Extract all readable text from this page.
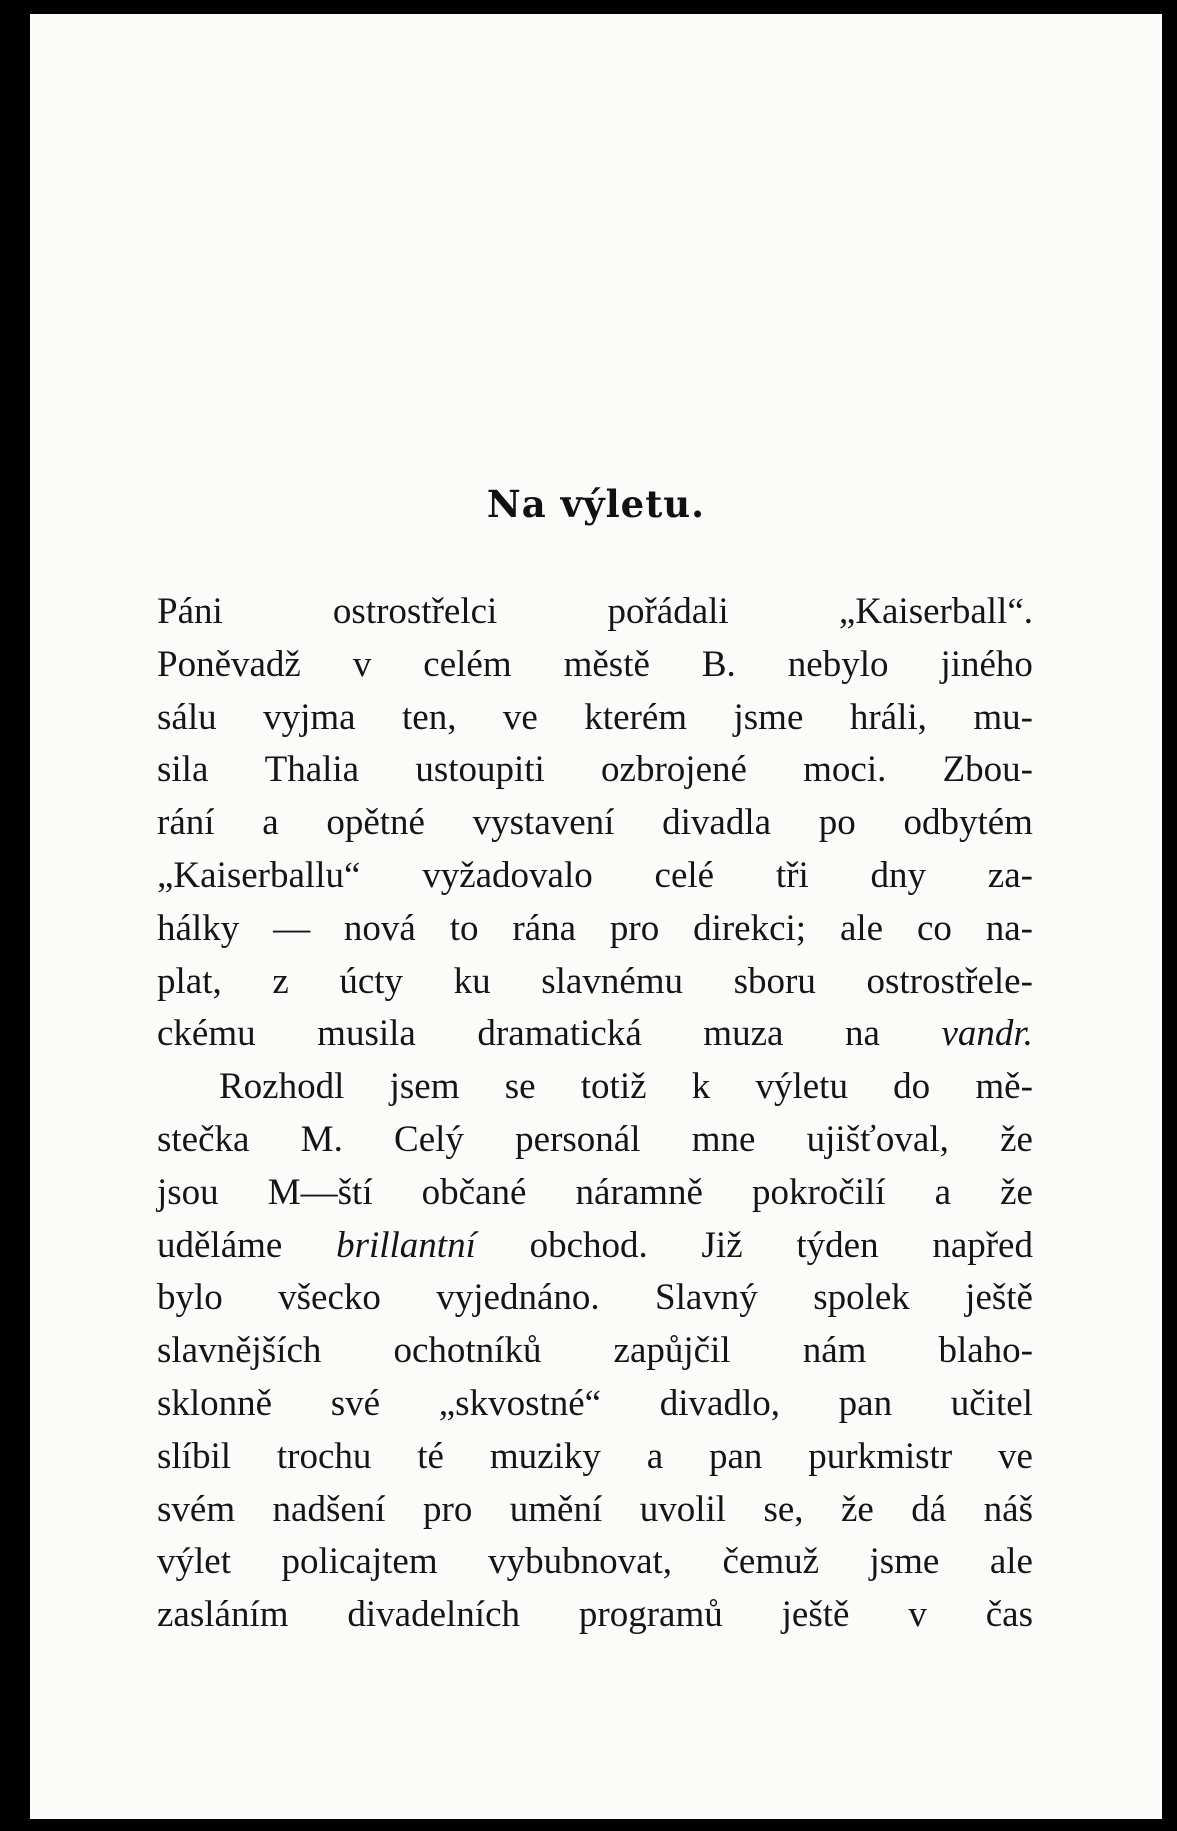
Na výletu.
Páni	ostrostřelci	pořádali	„Kaiserball“.
Poněvadž v celém městě B. nebylo jiného
sálu vyjma ten, ve kterém jsme hráli, mu-
sila Thalia ustoupiti ozbrojené moci. Zbou-
rání a opětné vystavení divadla po odbytém
„Kaiserballu“ vyžadovalo celé tři dny za-
hálky — nová to rána pro direkci; ale co na-
plat, z úcty ku slavnému sboru ostrostřele-
ckému musila dramatická muza na vandr.
Rozhodl jsem se totiž k výletu do mě-
stečka M. Celý personál mne ujišťoval, že
jsou M—ští občané náramně pokročilí a že
uděláme brillantní obchod. Již týden napřed
bylo všecko vyjednáno. Slavný spolek ještě
slavnějších ochotníků zapůjčil nám blaho-
sklonně své „skvostné“ divadlo, pan učitel
slíbil trochu té muziky a pan purkmistr ve
svém nadšení pro umění uvolil se, že dá náš
výlet policajtem vybubnovat, čemuž jsme ale
zasláním divadelních programů ještě v čas
